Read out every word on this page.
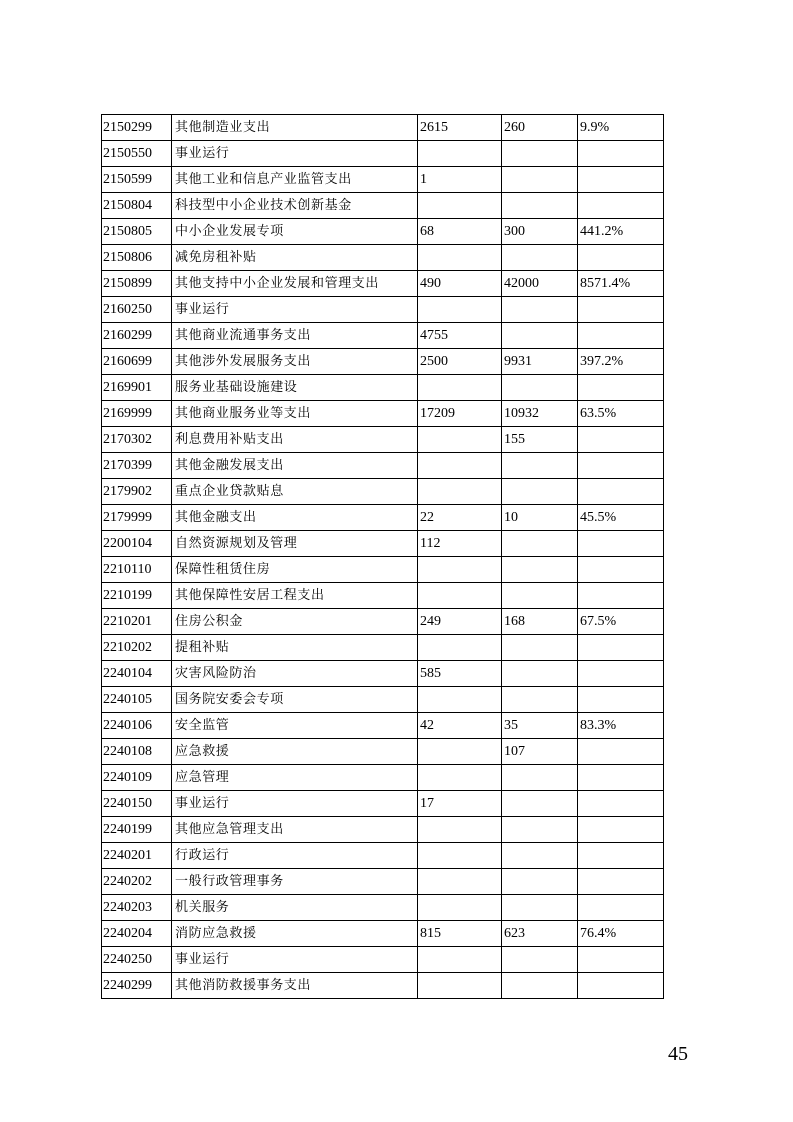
2150299	其他制造业支出	2615	260	9.9%
2150550	事业运行			
2150599	其他工业和信息产业监管支出	1		
2150804	科技型中小企业技术创新基金			
2150805	中小企业发展专项	68	300	441.2%
2150806	减免房租补贴			
2150899	其他支持中小企业发展和管理支出	490	42000	8571.4%
2160250	事业运行			
2160299	其他商业流通事务支出	4755		
2160699	其他涉外发展服务支出	2500	9931	397.2%
2169901	服务业基础设施建设			
2169999	其他商业服务业等支出	17209	10932	63.5%
2170302	利息费用补贴支出		155	
2170399	其他金融发展支出			
2179902	重点企业贷款贴息			
2179999	其他金融支出	22	10	45.5%
2200104	自然资源规划及管理	112		
2210110	保障性租赁住房			
2210199	其他保障性安居工程支出			
2210201	住房公积金	249	168	67.5%
2210202	提租补贴			
2240104	灾害风险防治	585		
2240105	国务院安委会专项			
2240106	安全监管	42	35	83.3%
2240108	应急救援		107	
2240109	应急管理			
2240150	事业运行	17		
2240199	其他应急管理支出			
2240201	行政运行			
2240202	一般行政管理事务			
2240203	机关服务			
2240204	消防应急救援	815	623	76.4%
2240250	事业运行			
2240299	其他消防救援事务支出			
45
